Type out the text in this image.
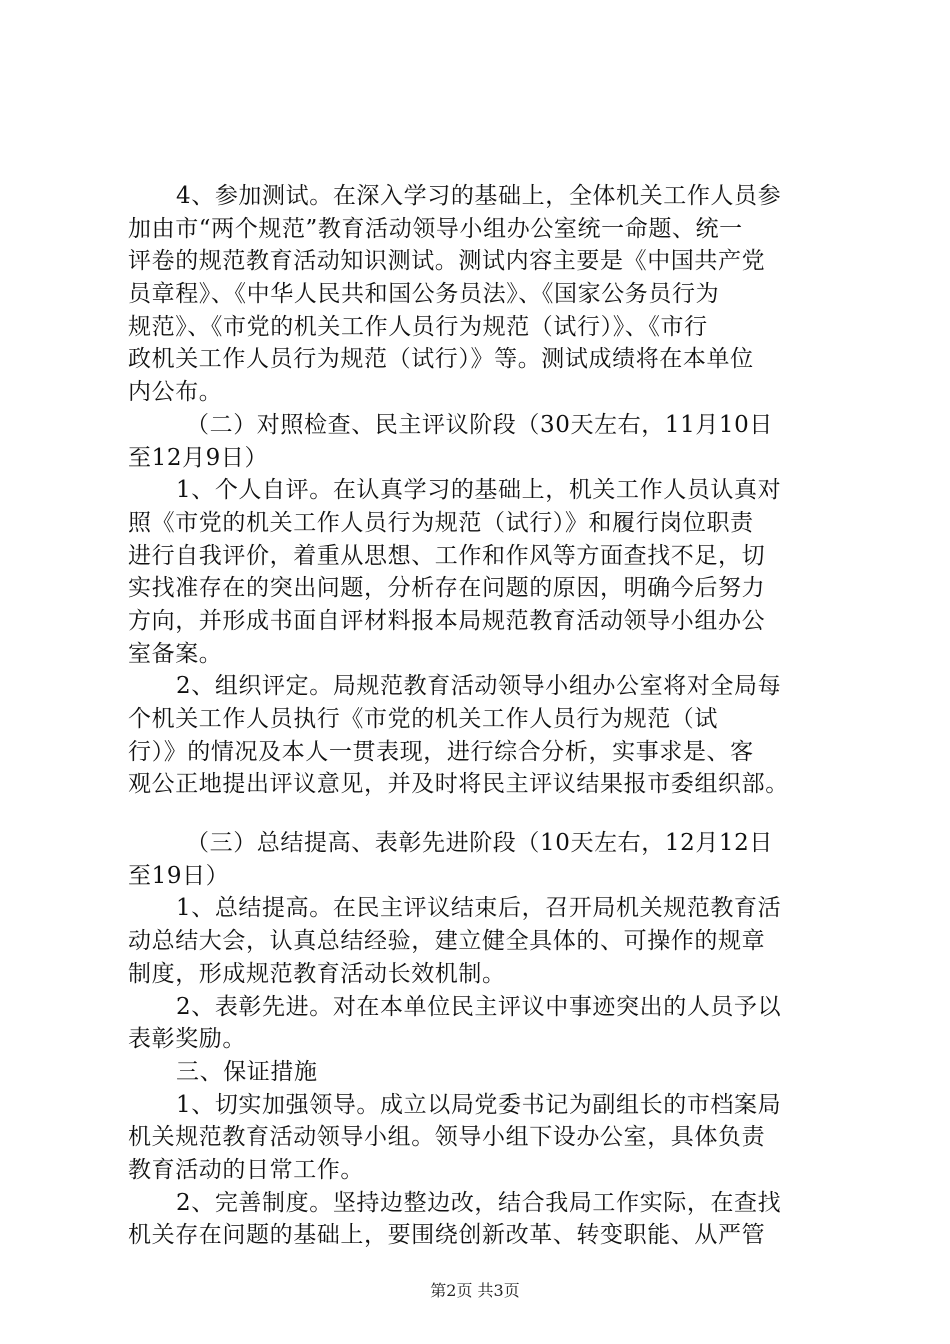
4、参加测试。在深入学习的基础上，全体机关工作人员参
加由市“两个规范”教育活动领导小组办公室统一命题、统一
评卷的规范教育活动知识测试。测试内容主要是《中国共产党
员章程》、《中华人民共和国公务员法》、《国家公务员行为
规范》、《市党的机关工作人员行为规范（试行）》、《市行
政机关工作人员行为规范（试行）》等。测试成绩将在本单位
内公布。
（二）对照检查、民主评议阶段（30天左右，11月10日
至12月9日）
1、个人自评。在认真学习的基础上，机关工作人员认真对
照《市党的机关工作人员行为规范（试行）》和履行岗位职责
进行自我评价，着重从思想、工作和作风等方面查找不足，切
实找准存在的突出问题，分析存在问题的原因，明确今后努力
方向，并形成书面自评材料报本局规范教育活动领导小组办公
室备案。
2、组织评定。局规范教育活动领导小组办公室将对全局每
个机关工作人员执行《市党的机关工作人员行为规范（试
行）》的情况及本人一贯表现，进行综合分析，实事求是、客
观公正地提出评议意见，并及时将民主评议结果报市委组织部。
（三）总结提高、表彰先进阶段（10天左右，12月12日
至19日）
1、总结提高。在民主评议结束后，召开局机关规范教育活
动总结大会，认真总结经验，建立健全具体的、可操作的规章
制度，形成规范教育活动长效机制。
2、表彰先进。对在本单位民主评议中事迹突出的人员予以
表彰奖励。
三、保证措施
1、切实加强领导。成立以局党委书记为副组长的市档案局
机关规范教育活动领导小组。领导小组下设办公室，具体负责
教育活动的日常工作。
2、完善制度。坚持边整边改，结合我局工作实际，在查找
机关存在问题的基础上，要围绕创新改革、转变职能、从严管
第2页 共3页
